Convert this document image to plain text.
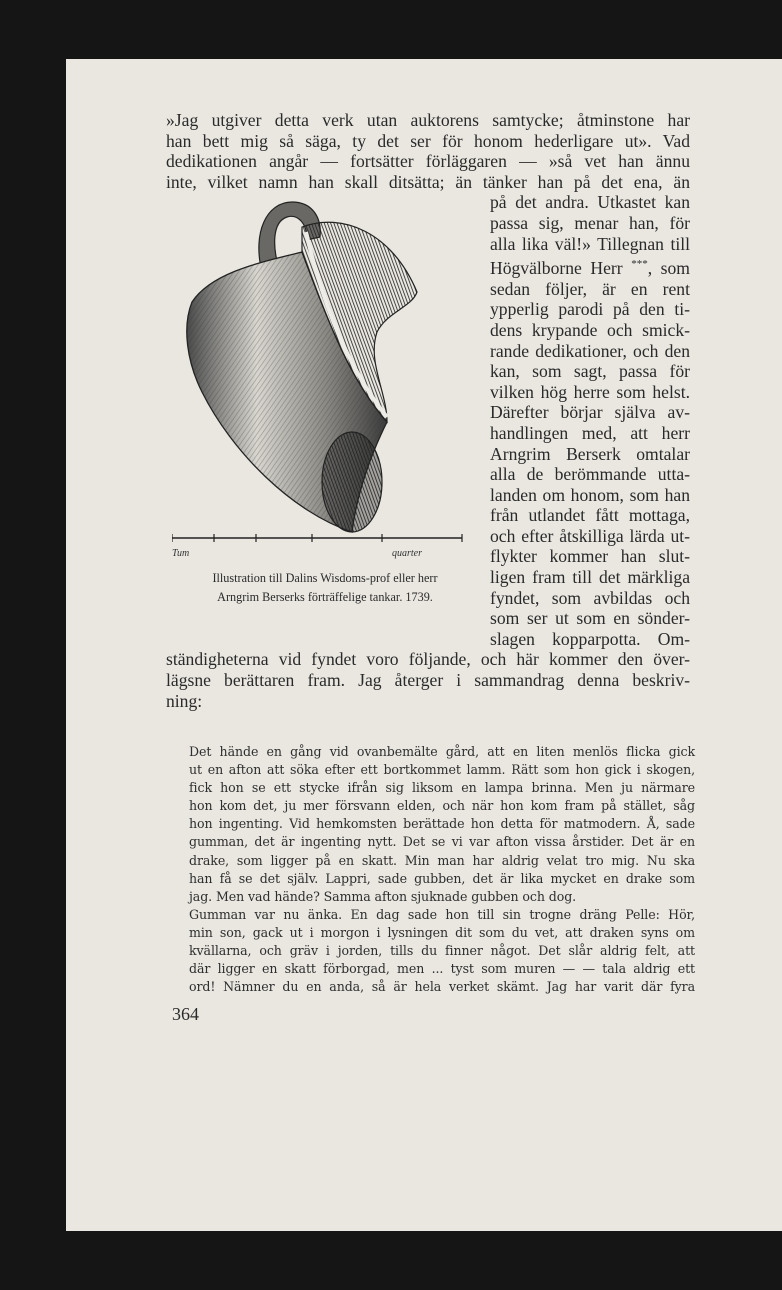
»Jag utgiver detta verk utan auktorens samtycke; åtminstone har
han bett mig så säga, ty det ser för honom hederligare ut». Vad
dedikationen angår — fortsätter förläggaren — »så vet han ännu
inte, vilket namn han skall ditsätta; än tänker han på det ena, än
Tum	quarter
Illustration till Dalins Wisdoms-prof eller herr
Arngrim Berserks förträffelige tankar. 1739.
på det andra. Utkastet kan
passa sig, menar han, för
alla lika väl!» Tillegnan till
Högvälborne Herr ***, som
sedan följer, är en rent
ypperlig parodi på den ti-
dens krypande och smick-
rande dedikationer, och den
kan, som sagt, passa för
vilken hög herre som helst.
Därefter börjar själva av-
handlingen med, att herr
Arngrim Berserk omtalar
alla de berömmande utta-
landen om honom, som han
från utlandet fått mottaga,
och efter åtskilliga lärda ut-
flykter kommer han slut-
ligen fram till det märkliga
fyndet, som avbildas och
som ser ut som en sönder-
slagen kopparpotta. Om-
ständigheterna vid fyndet voro följande, och här kommer den över-
lägsne berättaren fram. Jag återger i sammandrag denna beskriv-
ning:
Det hände en gång vid ovanbemälte gård, att en liten menlös flicka gick
ut en afton att söka efter ett bortkommet lamm. Rätt som hon gick i skogen,
fick hon se ett stycke ifrån sig liksom en lampa brinna. Men ju närmare
hon kom det, ju mer försvann elden, och när hon kom fram på stället, såg
hon ingenting. Vid hemkomsten berättade hon detta för matmodern. Å, sade
gumman, det är ingenting nytt. Det se vi var afton vissa årstider. Det är en
drake, som ligger på en skatt. Min man har aldrig velat tro mig. Nu ska
han få se det själv. Lappri, sade gubben, det är lika mycket en drake som
jag. Men vad hände? Samma afton sjuknade gubben och dog.
Gumman var nu änka. En dag sade hon till sin trogne dräng Pelle: Hör,
min son, gack ut i morgon i lysningen dit som du vet, att draken syns om
kvällarna, och gräv i jorden, tills du finner något. Det slår aldrig felt, att
där ligger en skatt förborgad, men ... tyst som muren — — tala aldrig ett
ord! Nämner du en anda, så är hela verket skämt. Jag har varit där fyra
364
